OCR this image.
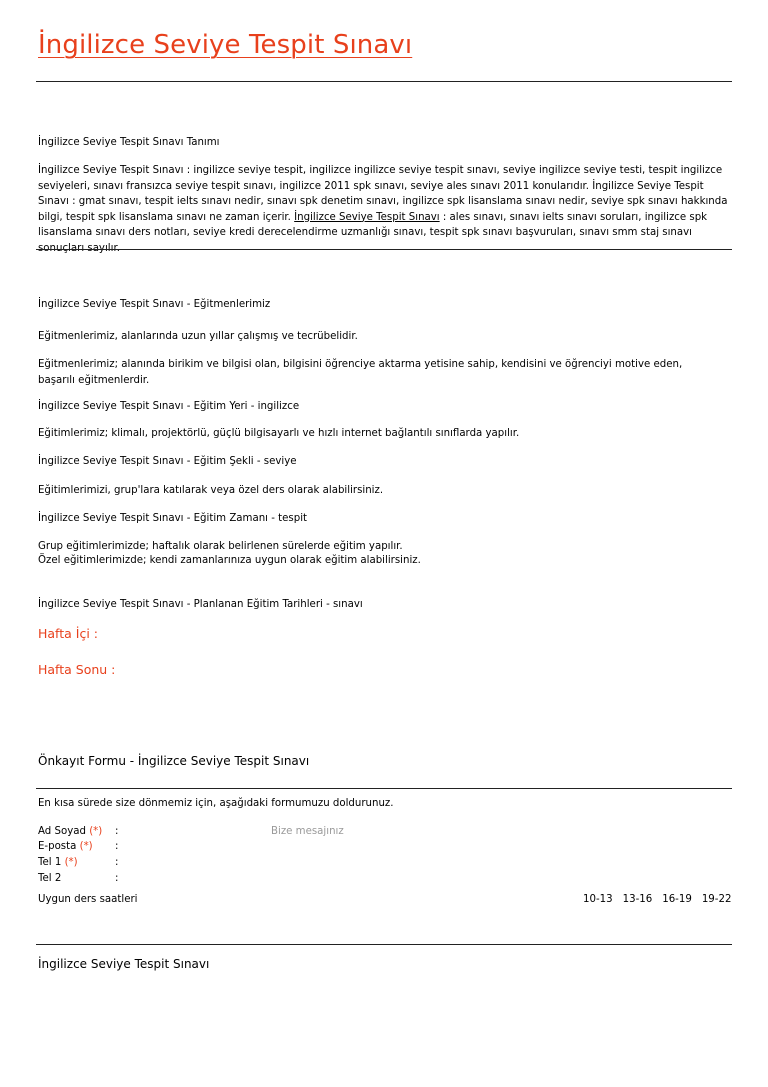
İngilizce Seviye Tespit Sınavı
İngilizce Seviye Tespit Sınavı Tanımı
İngilizce Seviye Tespit Sınavı : ingilizce seviye tespit, ingilizce ingilizce seviye tespit sınavı, seviye ingilizce seviye testi, tespit ingilizce seviyeleri, sınavı fransızca seviye tespit sınavı, ingilizce 2011 spk sınavı, seviye ales sınavı 2011 konularıdır. İngilizce Seviye Tespit Sınavı : gmat sınavı, tespit ielts sınavı nedir, sınavı spk denetim sınavı, ingilizce spk lisanslama sınavı nedir, seviye spk sınavı hakkında bilgi, tespit spk lisanslama sınavı ne zaman içerir. İngilizce Seviye Tespit Sınavı : ales sınavı, sınavı ielts sınavı soruları, ingilizce spk lisanslama sınavı ders notları, seviye kredi derecelendirme uzmanlığı sınavı, tespit spk sınavı başvuruları, sınavı smm staj sınavı sonuçları sayılır.
İngilizce Seviye Tespit Sınavı - Eğitmenlerimiz
Eğitmenlerimiz, alanlarında uzun yıllar çalışmış ve tecrübelidir.
Eğitmenlerimiz; alanında birikim ve bilgisi olan, bilgisini öğrenciye aktarma yetisine sahip, kendisini ve öğrenciyi motive eden, başarılı eğitmenlerdir.
İngilizce Seviye Tespit Sınavı - Eğitim Yeri - ingilizce
Eğitimlerimiz; klimalı, projektörlü, güçlü bilgisayarlı ve hızlı internet bağlantılı sınıflarda yapılır.
İngilizce Seviye Tespit Sınavı - Eğitim Şekli - seviye
Eğitimlerimizi, grup'lara katılarak veya özel ders olarak alabilirsiniz.
İngilizce Seviye Tespit Sınavı - Eğitim Zamanı - tespit
Grup eğitimlerimizde; haftalık olarak belirlenen sürelerde eğitim yapılır.
Özel eğitimlerimizde; kendi zamanlarınıza uygun olarak eğitim alabilirsiniz.
İngilizce Seviye Tespit Sınavı - Planlanan Eğitim Tarihleri - sınavı
Hafta İçi :
Hafta Sonu :
Önkayıt Formu - İngilizce Seviye Tespit Sınavı
En kısa sürede size dönmemiz için, aşağıdaki formumuzu doldurunuz.
Ad Soyad (*) :
E-posta (*) :
Tel 1 (*)	:
Tel 2	:
Bize mesajınız
Uygun ders saatleri	10-13 13-16 16-19 19-22
İngilizce Seviye Tespit Sınavı
